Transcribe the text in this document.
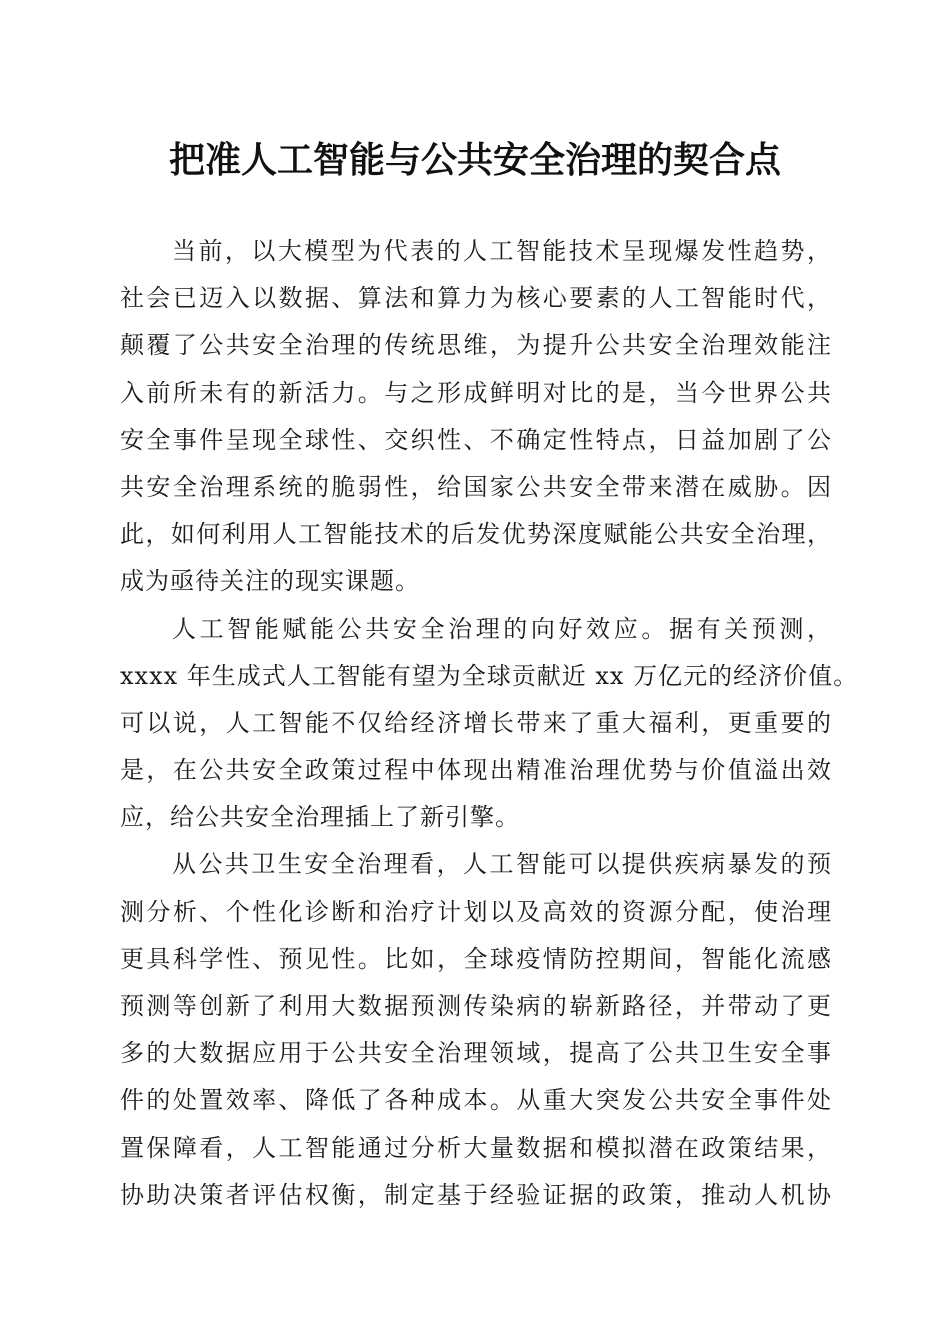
把准人工智能与公共安全治理的契合点
当前，以大模型为代表的人工智能技术呈现爆发性趋势，
社会已迈入以数据、算法和算力为核心要素的人工智能时代，
颠覆了公共安全治理的传统思维，为提升公共安全治理效能注
入前所未有的新活力。与之形成鲜明对比的是，当今世界公共
安全事件呈现全球性、交织性、不确定性特点，日益加剧了公
共安全治理系统的脆弱性，给国家公共安全带来潜在威胁。因
此，如何利用人工智能技术的后发优势深度赋能公共安全治理，
成为亟待关注的现实课题。
人工智能赋能公共安全治理的向好效应。据有关预测，
xxxx 年生成式人工智能有望为全球贡献近 xx 万亿元的经济价值。
可以说，人工智能不仅给经济增长带来了重大福利，更重要的
是，在公共安全政策过程中体现出精准治理优势与价值溢出效
应，给公共安全治理插上了新引擎。
从公共卫生安全治理看，人工智能可以提供疾病暴发的预
测分析、个性化诊断和治疗计划以及高效的资源分配，使治理
更具科学性、预见性。比如，全球疫情防控期间，智能化流感
预测等创新了利用大数据预测传染病的崭新路径，并带动了更
多的大数据应用于公共安全治理领域，提高了公共卫生安全事
件的处置效率、降低了各种成本。从重大突发公共安全事件处
置保障看，人工智能通过分析大量数据和模拟潜在政策结果，
协助决策者评估权衡，制定基于经验证据的政策，推动人机协
